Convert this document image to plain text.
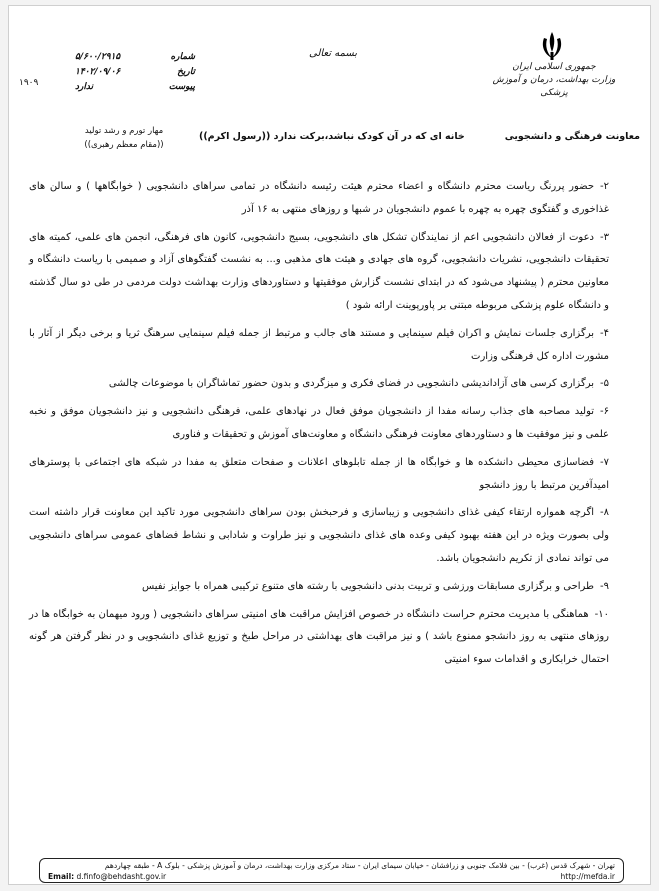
بسمه تعالی
جمهوری اسلامی ایران
وزارت بهداشت، درمان و آموزش پزشکی
شماره
۵/۶۰۰/۲۹۱۵
تاریخ
۱۴۰۲/۰۹/۰۶
پیوست
ندارد
۱۹۰۹
مهار تورم و رشد تولید
((مقام معظم رهبری))
معاونت فرهنگی و دانشجویی
خانه ای که در آن کودک نباشد،برکت ندارد ((رسول اکرم))

۲-حضور پررنگ ریاست محترم دانشگاه و اعضاء محترم هیئت رئیسه دانشگاه در تمامی سراهای دانشجویی ( خوابگاهها ) و سالن های غذاخوری و گفتگوی چهره به چهره با عموم دانشجویان در شبها و روزهای منتهی به ۱۶ آذر

۳-دعوت از فعالان دانشجویی اعم از نمایندگان تشکل های دانشجویی، بسیج دانشجویی، کانون های فرهنگی، انجمن های علمی، کمیته های تحقیقات دانشجویی، نشریات دانشجویی، گروه های جهادی و هیئت های مذهبی و... به نشست گفتگوهای آزاد و صمیمی با ریاست دانشگاه و معاونین محترم ( پیشنهاد می‌شود که در ابتدای نشست گزارش موفقیتها و دستاوردهای وزارت بهداشت دولت مردمی در طی دو سال گذشته و دانشگاه علوم پزشکی مربوطه مبتنی بر پاورپوینت ارائه شود )

۴-برگزاری جلسات نمایش و اکران فیلم سینمایی و مستند های جالب و مرتبط از جمله فیلم سینمایی سرهنگ ثریا و برخی دیگر از آثار با مشورت اداره کل فرهنگی وزارت

۵-برگزاری کرسی های آزاداندیشی دانشجویی در فضای فکری و میزگردی و بدون حضور تماشاگران با موضوعات چالشی

۶-تولید مصاحبه های جذاب رسانه مفدا از دانشجویان موفق فعال در نهادهای علمی، فرهنگی دانشجویی و نیز دانشجویان موفق و نخبه علمی و نیز موفقیت ها و دستاوردهای معاونت فرهنگی دانشگاه و معاونت‌های آموزش و تحقیقات و فناوری

۷-فضاسازی محیطی دانشکده ها و خوابگاه ها از جمله تابلوهای اعلانات و صفحات متعلق به مفدا در شبکه های اجتماعی با پوسترهای امیدآفرین مرتبط با روز دانشجو

۸-اگرچه همواره ارتقاء کیفی غذای دانشجویی و زیباسازی و فرحبخش بودن سراهای دانشجویی مورد تاکید این معاونت قرار داشته است ولی بصورت ویژه در این هفته بهبود کیفی وعده های غذای دانشجویی و نیز طراوت و شادابی و نشاط فضاهای عمومی سراهای دانشجویی می تواند نمادی از تکریم دانشجویان باشد.

۹-طراحی و برگزاری مسابقات ورزشی و تربیت بدنی دانشجویی با رشته های متنوع ترکیبی همراه با جوایز نفیس

۱۰-هماهنگی با مدیریت محترم حراست دانشگاه در خصوص افزایش مراقبت های امنیتی سراهای دانشجویی ( ورود میهمان به خوابگاه ها در روزهای منتهی به روز دانشجو ممنوع باشد ) و نیز مراقبت های بهداشتی در مراحل طبخ و توزیع غذای دانشجویی و در نظر گرفتن هر گونه احتمال خرابکاری و اقدامات سوء امنیتی

تهران - شهرک قدس (غرب) - بین فلامک جنوبی و زرافشان - خیابان سیمای ایران - ستاد مرکزی وزارت بهداشت، درمان و آموزش پزشکی - بلوک A - طبقه چهاردهم
Email: d.finfo@behdasht.gov.ir	http://mefda.ir
